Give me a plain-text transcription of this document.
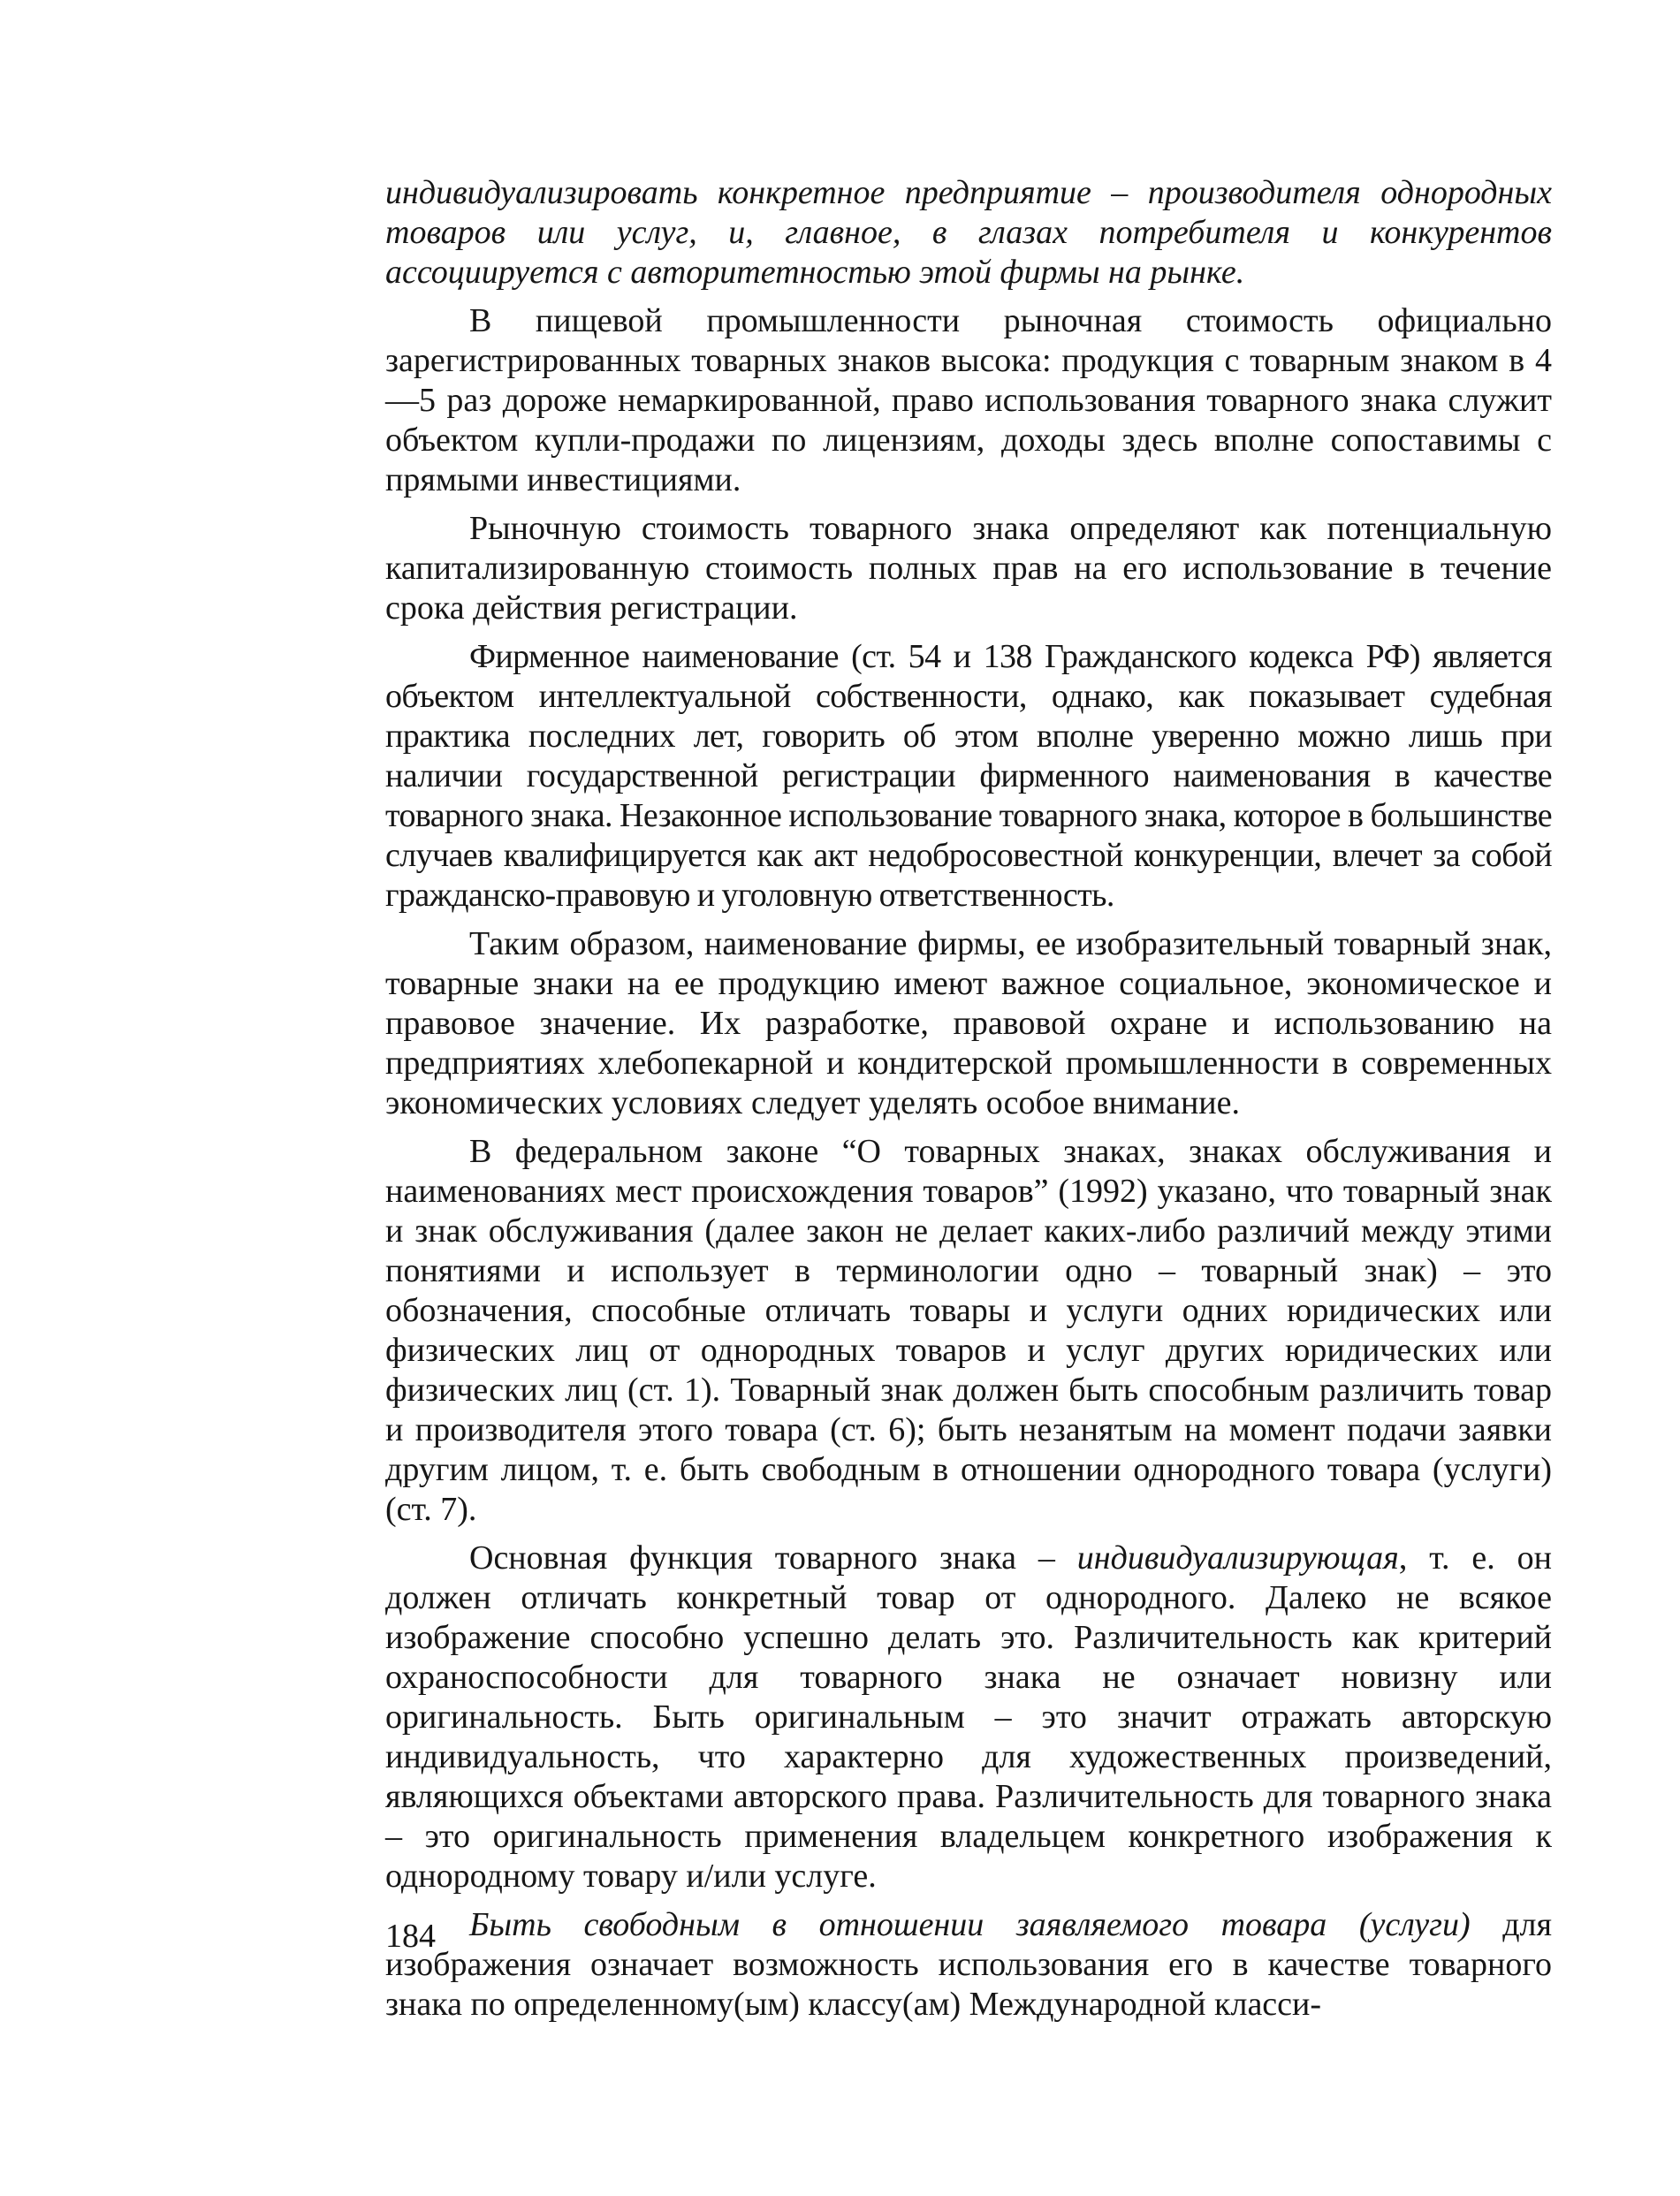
индивидуализировать конкретное предприятие – производителя однородных товаров или услуг, и, главное, в глазах потребителя и конкурентов ассоциируется с авторитетностью этой фирмы на рынке.

В пищевой промышленности рыночная стоимость официально зарегистрированных товарных знаков высока: продукция с товарным знаком в 4—5 раз дороже немаркированной, право использования товарного знака служит объектом купли-продажи по лицензиям, доходы здесь вполне сопоставимы с прямыми инвестициями.

Рыночную стоимость товарного знака определяют как потенциальную капитализированную стоимость полных прав на его использование в течение срока действия регистрации.

Фирменное наименование (ст. 54 и 138 Гражданского кодекса РФ) является объектом интеллектуальной собственности, однако, как показывает судебная практика последних лет, говорить об этом вполне уверенно можно лишь при наличии государственной регистрации фирменного наименования в качестве товарного знака. Незаконное использование товарного знака, которое в большинстве случаев квалифицируется как акт недобросовестной конкуренции, влечет за собой гражданско-правовую и уголовную ответственность.

Таким образом, наименование фирмы, ее изобразительный товарный знак, товарные знаки на ее продукцию имеют важное социальное, экономическое и правовое значение. Их разработке, правовой охране и использованию на предприятиях хлебопекарной и кондитерской промышленности в современных экономических условиях следует уделять особое внимание.

В федеральном законе “О товарных знаках, знаках обслуживания и наименованиях мест происхождения товаров” (1992) указано, что товарный знак и знак обслуживания (далее закон не делает каких-либо различий между этими понятиями и использует в терминологии одно – товарный знак) – это обозначения, способные отличать товары и услуги одних юридических или физических лиц от однородных товаров и услуг других юридических или физических лиц (ст. 1). Товарный знак должен быть способным различить товар и производителя этого товара (ст. 6); быть незанятым на момент подачи заявки другим лицом, т. е. быть свободным в отношении однородного товара (услуги) (ст. 7).

Основная функция товарного знака – индивидуализирующая, т. е. он должен отличать конкретный товар от однородного. Далеко не всякое изображение способно успешно делать это. Различительность как критерий охраноспособности для товарного знака не означает новизну или оригинальность. Быть оригинальным – это значит отражать авторскую индивидуальность, что характерно для художественных произведений, являющихся объектами авторского права. Различительность для товарного знака – это оригинальность применения владельцем конкретного изображения к однородному товару и/или услуге.

Быть свободным в отношении заявляемого товара (услуги) для изображения означает возможность использования его в качестве товарного знака по определенному(ым) классу(ам) Международной класси-

184
